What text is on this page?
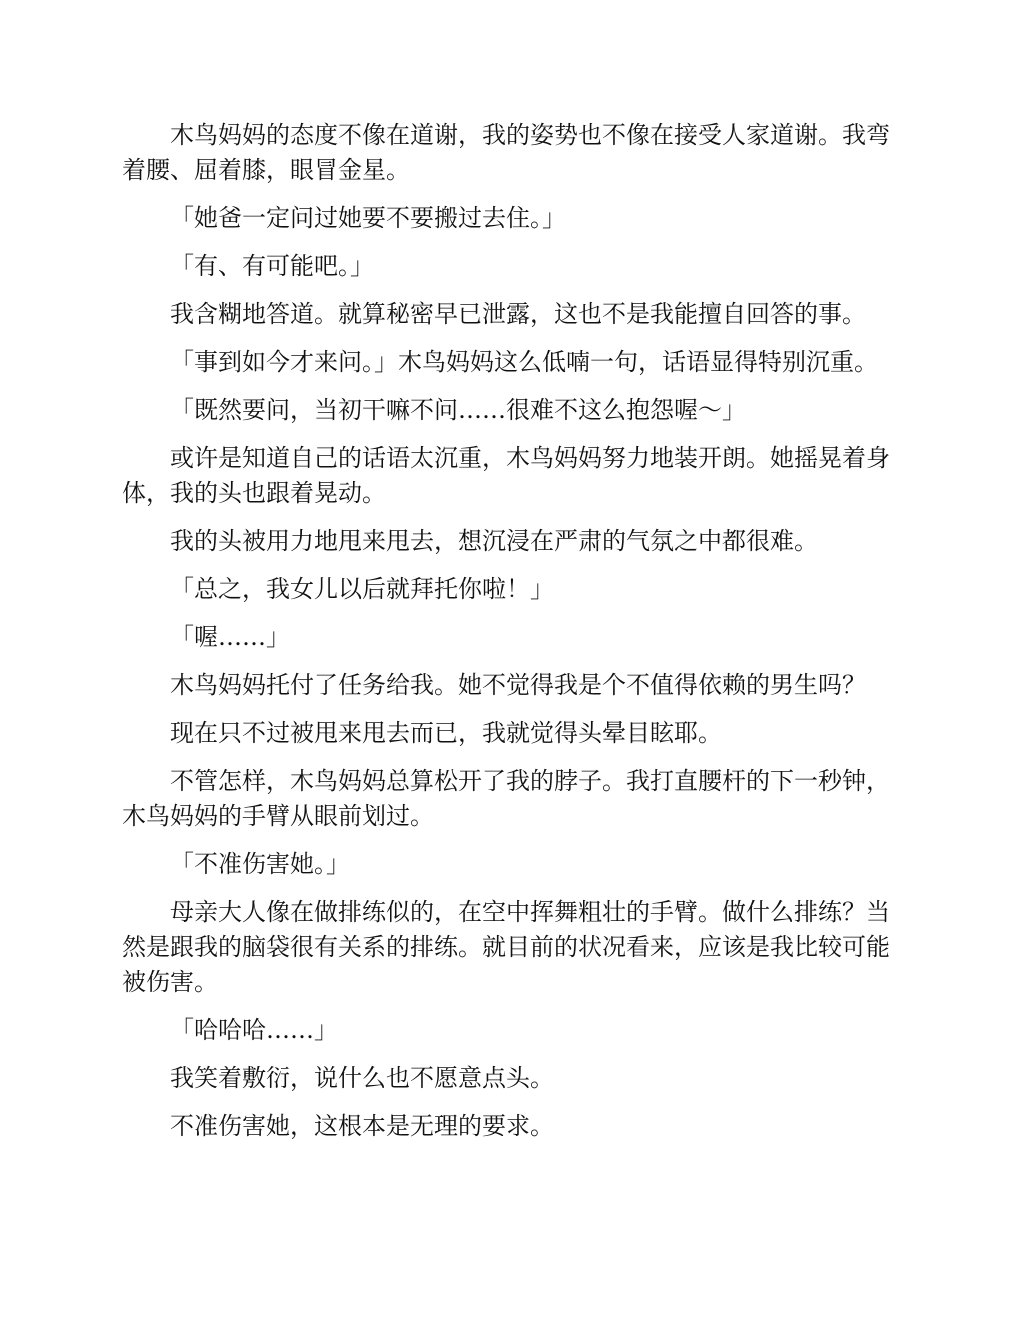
木鸟妈妈的态度不像在道谢，我的姿势也不像在接受人家道谢。我弯着腰、屈着膝，眼冒金星。

「她爸一定问过她要不要搬过去住。」

「有、有可能吧。」

我含糊地答道。就算秘密早已泄露，这也不是我能擅自回答的事。

「事到如今才来问。」木鸟妈妈这么低喃一句，话语显得特别沉重。

「既然要问，当初干嘛不问……很难不这么抱怨喔～」

或许是知道自己的话语太沉重，木鸟妈妈努力地装开朗。她摇晃着身体，我的头也跟着晃动。

我的头被用力地甩来甩去，想沉浸在严肃的气氛之中都很难。

「总之，我女儿以后就拜托你啦！」

「喔……」

木鸟妈妈托付了任务给我。她不觉得我是个不值得依赖的男生吗？

现在只不过被甩来甩去而已，我就觉得头晕目眩耶。

不管怎样，木鸟妈妈总算松开了我的脖子。我打直腰杆的下一秒钟，木鸟妈妈的手臂从眼前划过。

「不准伤害她。」

母亲大人像在做排练似的，在空中挥舞粗壮的手臂。做什么排练？当然是跟我的脑袋很有关系的排练。就目前的状况看来，应该是我比较可能被伤害。

「哈哈哈……」

我笑着敷衍，说什么也不愿意点头。

不准伤害她，这根本是无理的要求。
